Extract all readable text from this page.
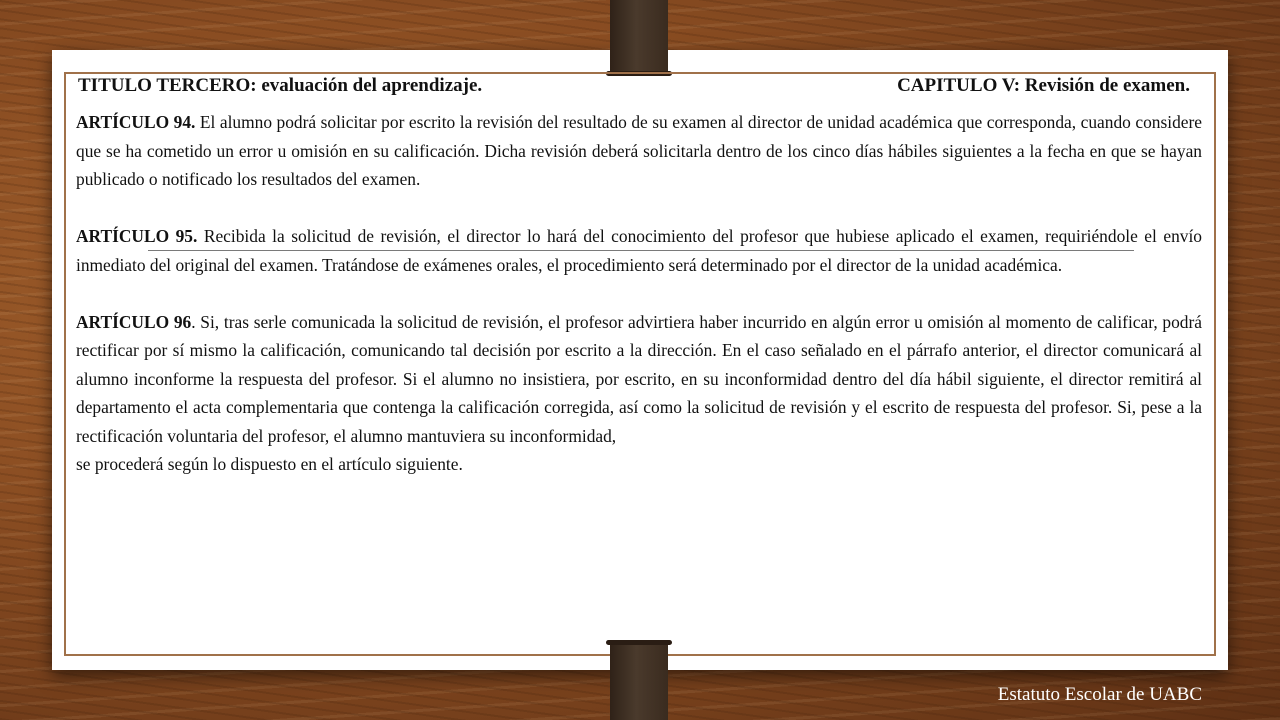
TITULO TERCERO: evaluación del aprendizaje.	CAPITULO V: Revisión de examen.

ARTÍCULO 94. El alumno podrá solicitar por escrito la revisión del resultado de su examen al director de unidad académica que corresponda, cuando considere que se ha cometido un error u omisión en su calificación. Dicha revisión deberá solicitarla dentro de los cinco días hábiles siguientes a la fecha en que se hayan publicado o notificado los resultados del examen.

ARTÍCULO 95. Recibida la solicitud de revisión, el director lo hará del conocimiento del profesor que hubiese aplicado el examen, requiriéndole el envío inmediato del original del examen. Tratándose de exámenes orales, el procedimiento será determinado por el director de la unidad académica.

ARTÍCULO 96. Si, tras serle comunicada la solicitud de revisión, el profesor advirtiera haber incurrido en algún error u omisión al momento de calificar, podrá rectificar por sí mismo la calificación, comunicando tal decisión por escrito a la dirección. En el caso señalado en el párrafo anterior, el director comunicará al alumno inconforme la respuesta del profesor. Si el alumno no insistiera, por escrito, en su inconformidad dentro del día hábil siguiente, el director remitirá al departamento el acta complementaria que contenga la calificación corregida, así como la solicitud de revisión y el escrito de respuesta del profesor. Si, pese a la rectificación voluntaria del profesor, el alumno mantuviera su inconformidad,

se procederá según lo dispuesto en el artículo siguiente.

Estatuto Escolar de UABC
